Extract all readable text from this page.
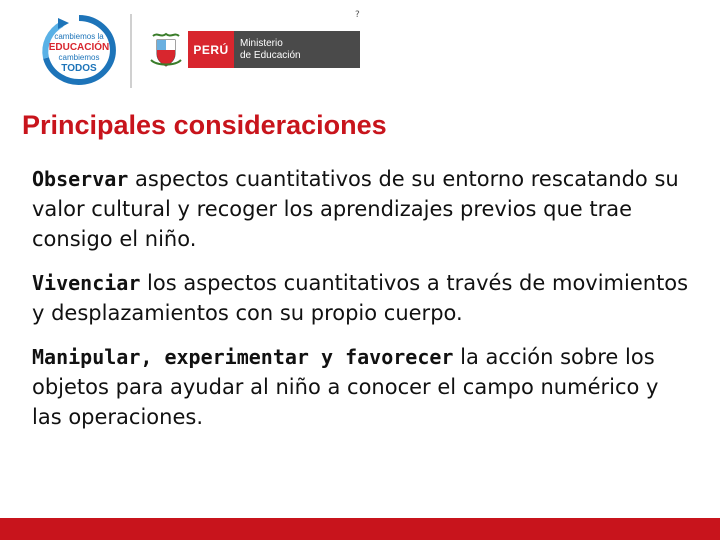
cambiemos la
EDUCACIÓN
cambiemos
TODOS
PERÚ	Ministerio
de Educación
?
Principales consideraciones

Observar aspectos cuantitativos de su entorno rescatando su valor cultural y recoger los aprendizajes previos que trae consigo el niño.

Vivenciar los aspectos cuantitativos a través de movimientos y desplazamientos con su propio cuerpo.

Manipular, experimentar y favorecer la acción sobre los objetos para ayudar al niño a conocer el campo numérico y las operaciones.
